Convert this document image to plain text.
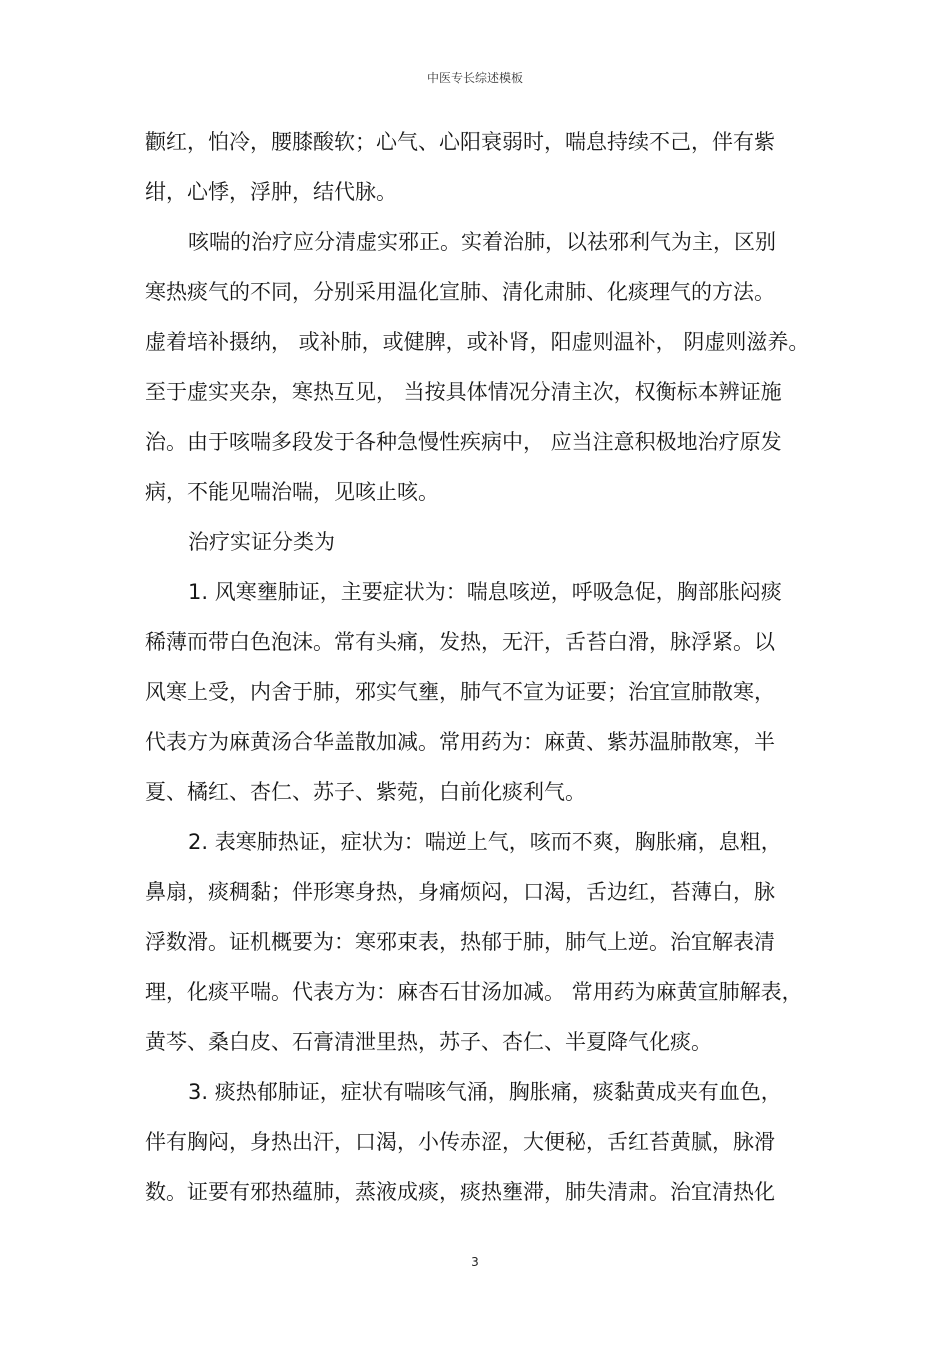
中医专长综述模板
颧红，怕冷，腰膝酸软；心气、心阳衰弱时，喘息持续不己，伴有紫
绀，心悸，浮肿，结代脉。
咳喘的治疗应分清虚实邪正。实着治肺，以祛邪利气为主，区别
寒热痰气的不同，分别采用温化宣肺、清化肃肺、化痰理气的方法。
虚着培补摄纳， 或补肺，或健脾，或补肾，阳虚则温补， 阴虚则滋养。
至于虚实夹杂，寒热互见， 当按具体情况分清主次，权衡标本辨证施
治。由于咳喘多段发于各种急慢性疾病中， 应当注意积极地治疗原发
病，不能见喘治喘，见咳止咳。
治疗实证分类为
1. 风寒壅肺证，主要症状为：喘息咳逆，呼吸急促，胸部胀闷痰
稀薄而带白色泡沫。常有头痛，发热，无汗，舌苔白滑，脉浮紧。以
风寒上受，内舍于肺，邪实气壅，肺气不宣为证要；治宜宣肺散寒，
代表方为麻黄汤合华盖散加减。常用药为：麻黄、紫苏温肺散寒，半
夏、橘红、杏仁、苏子、紫菀，白前化痰利气。
2. 表寒肺热证，症状为：喘逆上气，咳而不爽，胸胀痛，息粗，
鼻扇，痰稠黏；伴形寒身热，身痛烦闷，口渴，舌边红，苔薄白，脉
浮数滑。证机概要为：寒邪束表，热郁于肺，肺气上逆。治宜解表清
理，化痰平喘。代表方为：麻杏石甘汤加减。 常用药为麻黄宣肺解表，
黄芩、桑白皮、石膏清泄里热，苏子、杏仁、半夏降气化痰。
3. 痰热郁肺证，症状有喘咳气涌，胸胀痛，痰黏黄成夹有血色，
伴有胸闷，身热出汗，口渴，小传赤涩，大便秘，舌红苔黄腻，脉滑
数。证要有邪热蕴肺，蒸液成痰，痰热壅滞，肺失清肃。治宜清热化
3
